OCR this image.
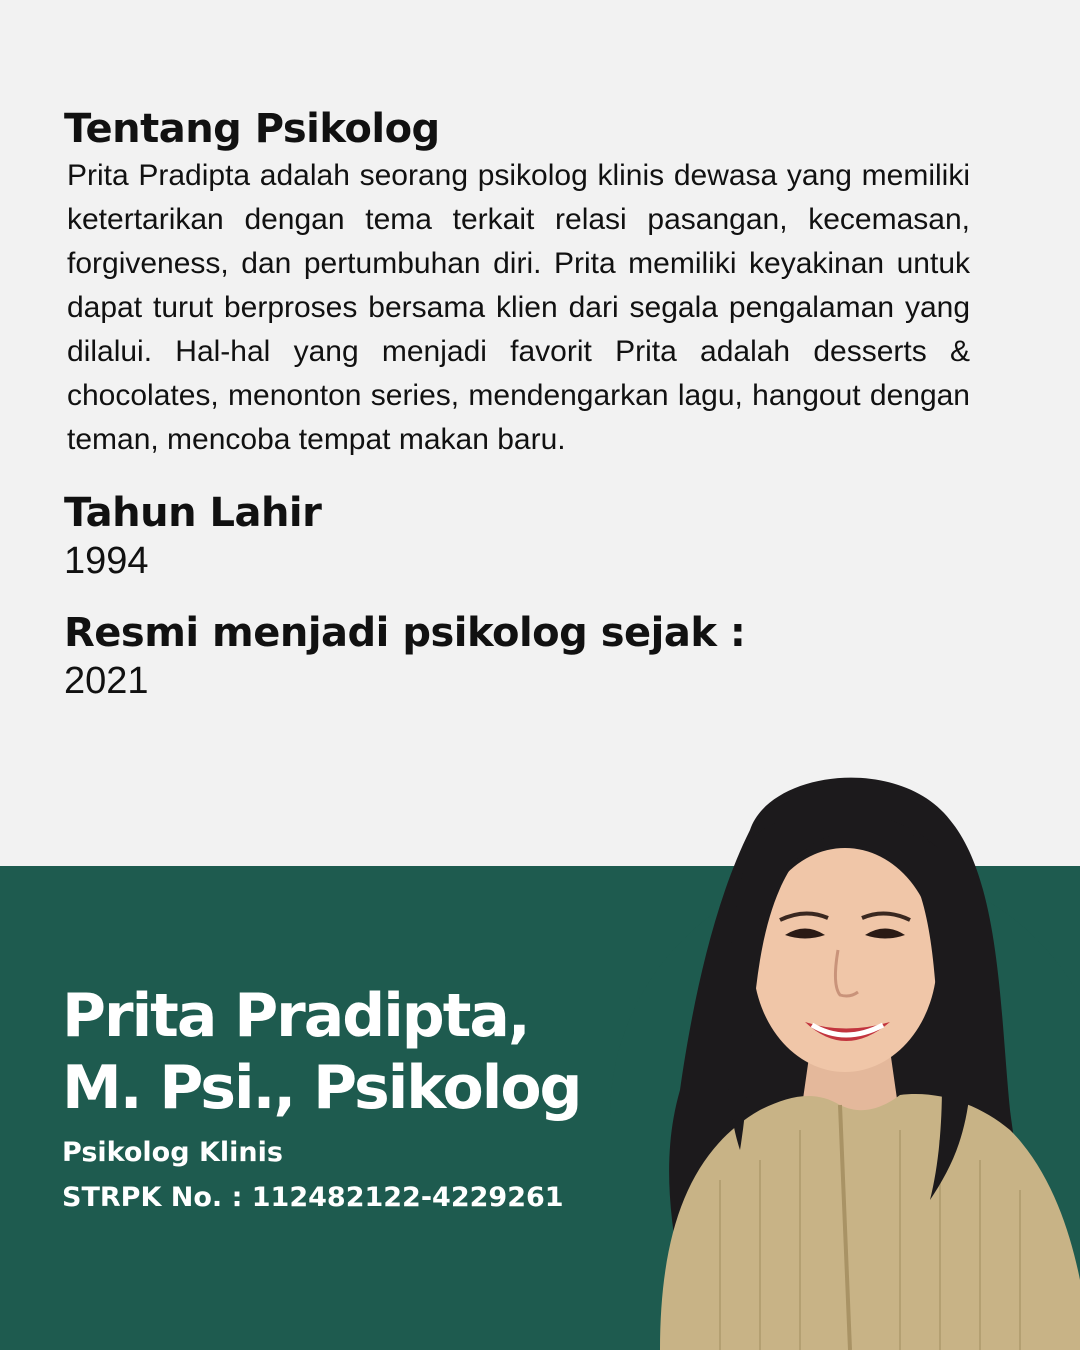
Tentang Psikolog

Prita Pradipta adalah seorang psikolog klinis dewasa yang memiliki ketertarikan dengan tema terkait relasi pasangan, kecemasan, forgiveness, dan pertumbuhan diri. Prita memiliki keyakinan untuk dapat turut berproses bersama klien dari segala pengalaman yang dilalui. Hal-hal yang menjadi favorit Prita adalah desserts & chocolates, menonton series, mendengarkan lagu, hangout dengan teman, mencoba tempat makan baru.

Tahun Lahir

1994

Resmi menjadi psikolog sejak :

2021

Prita Pradipta,
M. Psi., Psikolog

Psikolog Klinis

STRPK No. : 112482122-4229261
